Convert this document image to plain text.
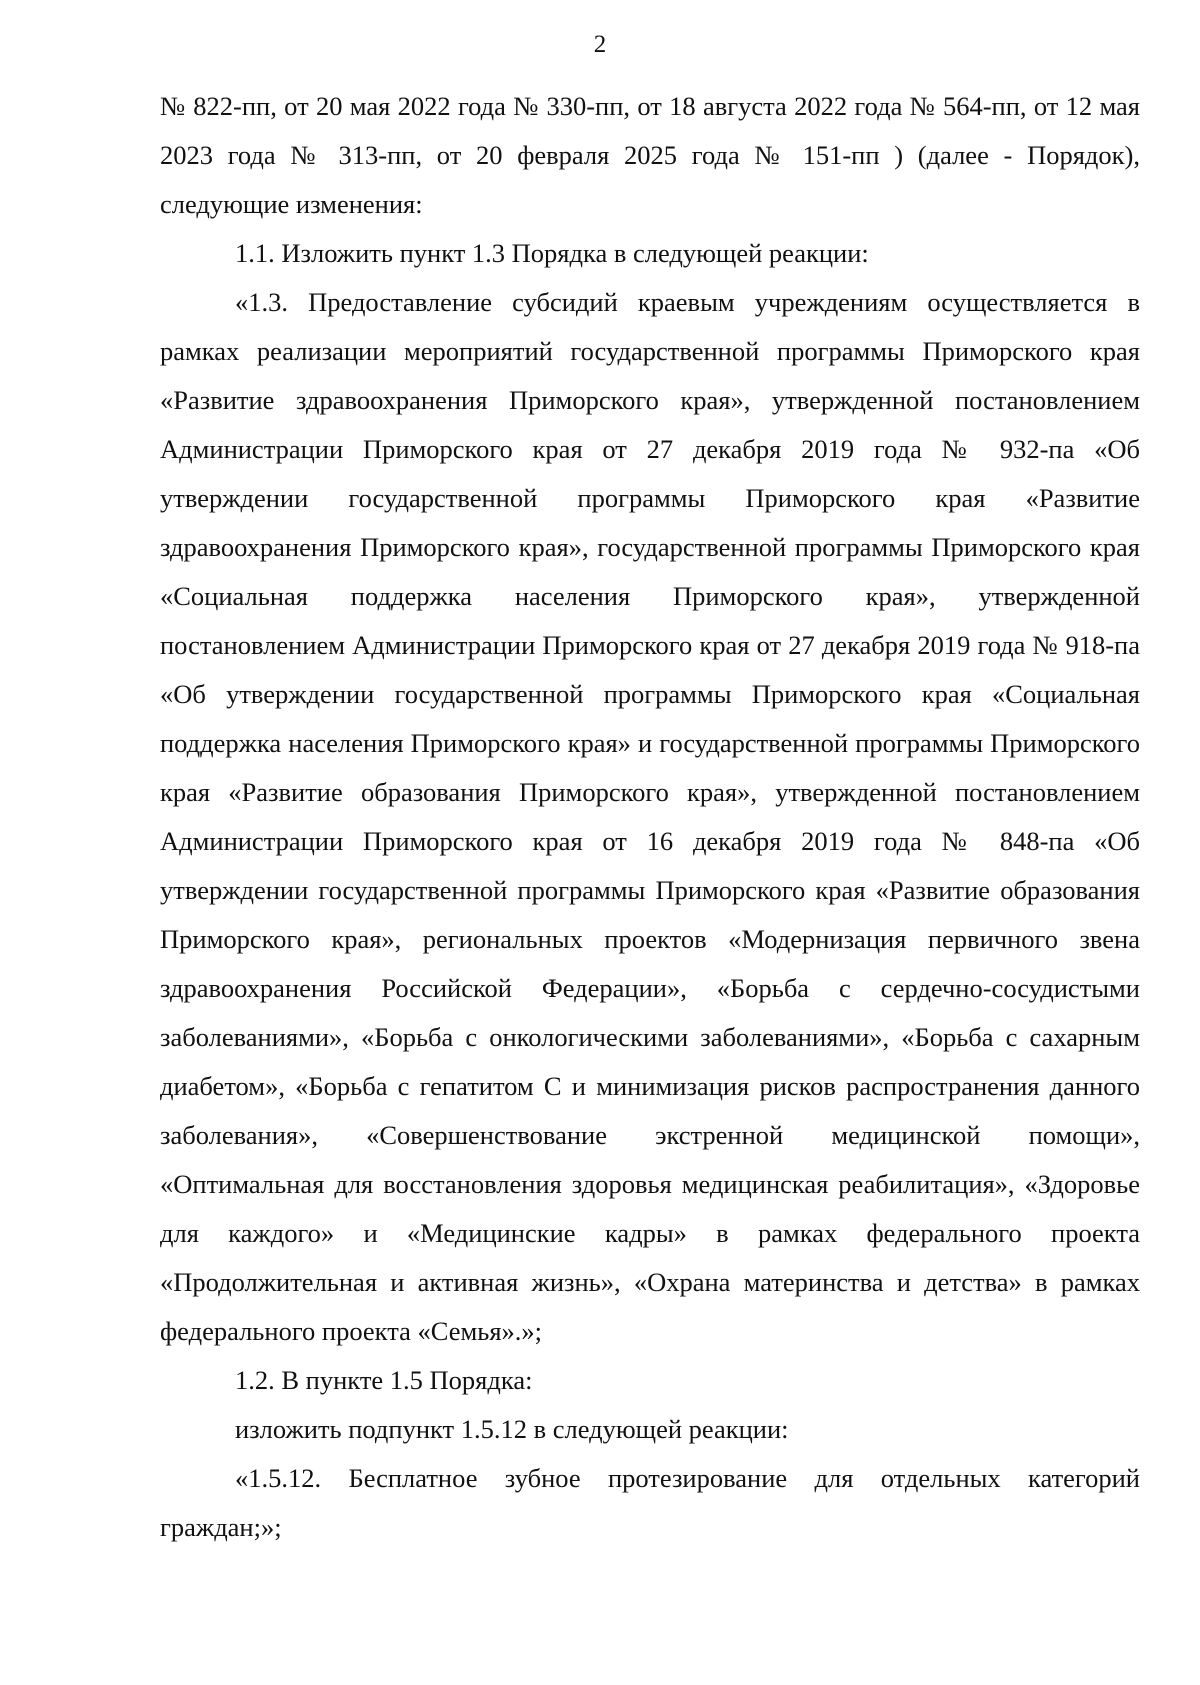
2

№ 822-пп, от 20 мая 2022 года № 330-пп, от 18 августа 2022 года № 564-пп, от 12 мая 2023 года № 313-пп, от 20 февраля 2025 года № 151-пп ) (далее - Порядок), следующие изменения:

1.1. Изложить пункт 1.3 Порядка в следующей реакции:

«1.3. Предоставление субсидий краевым учреждениям осуществляется в рамках реализации мероприятий государственной программы Приморского края «Развитие здравоохранения Приморского края», утвержденной постановлением Администрации Приморского края от 27 декабря 2019 года № 932-па «Об утверждении государственной программы Приморского края «Развитие здравоохранения Приморского края», государственной программы Приморского края «Социальная поддержка населения Приморского края», утвержденной постановлением Администрации Приморского края от 27 декабря 2019 года № 918-па «Об утверждении государственной программы Приморского края «Социальная поддержка населения Приморского края» и государственной программы Приморского края «Развитие образования Приморского края», утвержденной постановлением Администрации Приморского края от 16 декабря 2019 года № 848-па «Об утверждении государственной программы Приморского края «Развитие образования Приморского края», региональных проектов «Модернизация первичного звена здравоохранения Российской Федерации», «Борьба с сердечно-сосудистыми заболеваниями», «Борьба с онкологическими заболеваниями», «Борьба с сахарным диабетом», «Борьба с гепатитом С и минимизация рисков распространения данного заболевания», «Совершенствование экстренной медицинской помощи», «Оптимальная для восстановления здоровья медицинская реабилитация», «Здоровье для каждого» и «Медицинские кадры» в рамках федерального проекта «Продолжительная и активная жизнь», «Охрана материнства и детства» в рамках федерального проекта «Семья».»;

1.2. В пункте 1.5 Порядка:

изложить подпункт 1.5.12 в следующей реакции:

«1.5.12. Бесплатное зубное протезирование для отдельных категорий граждан;»;
